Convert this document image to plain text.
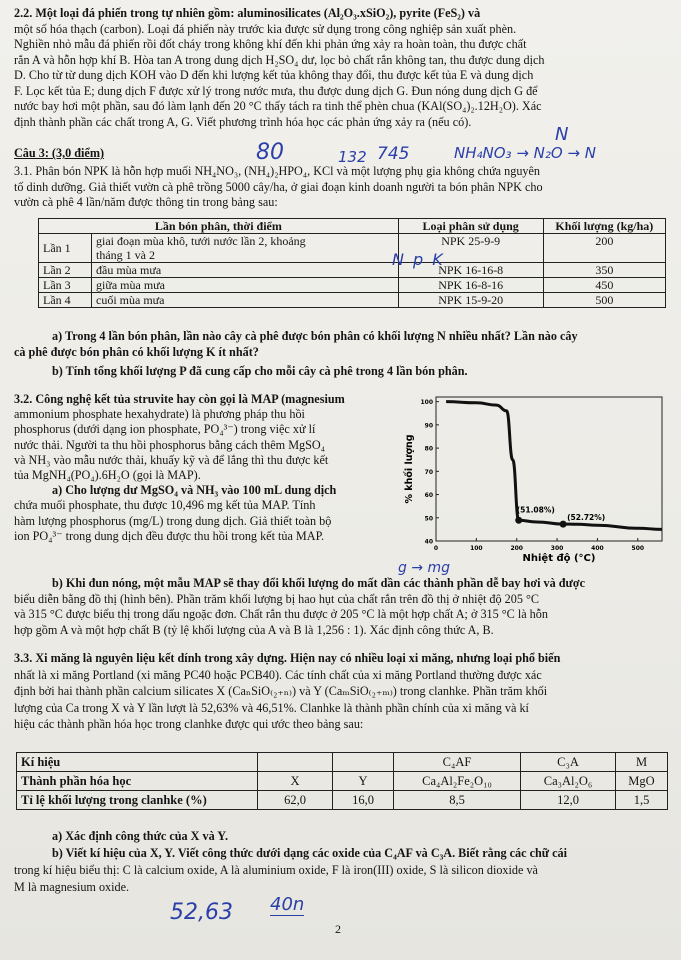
2.2. Một loại đá phiến trong tự nhiên gồm: aluminosilicates (Al₂O₃.xSiO₂), pyrite (FeS₂) và
một số hóa thạch (carbon). Loại đá phiến này trước kia được sử dụng trong công nghiệp sản xuất phèn.
Nghiền nhỏ mẫu đá phiến rồi đốt cháy trong không khí đến khi phản ứng xảy ra hoàn toàn, thu được chất
rắn A và hỗn hợp khí B. Hòa tan A trong dung dịch H₂SO₄ dư, lọc bỏ chất rắn không tan, thu được dung dịch
D. Cho từ từ dung dịch KOH vào D đến khi lượng kết tủa không thay đổi, thu được kết tủa E và dung dịch
F. Lọc kết tủa E; dung dịch F được xử lý trong nước mưa, thu được dung dịch G. Đun nóng dung dịch G để
nước bay hơi một phần, sau đó làm lạnh đến 20 °C thấy tách ra tinh thể phèn chua (KAl(SO₄)₂.12H₂O). Xác
định thành phần các chất trong A, G. Viết phương trình hóa học các phản ứng xảy ra (nếu có).
Câu 3: (3,0 điểm)
3.1. Phân bón NPK là hỗn hợp muối NH₄NO₃, (NH₄)₂HPO₄, KCl và một lượng phụ gia không chứa nguyên
tố dinh dưỡng. Giả thiết vườn cà phê trồng 5000 cây/ha, ở giai đoạn kinh doanh người ta bón phân NPK cho
vườn cà phê 4 lần/năm được thông tin trong bảng sau:
Lần bón phân, thời điểm		Loại phân sử dụng	Khối lượng (kg/ha)
Lần 1	giai đoạn mùa khô, tưới nước lần 2, khoảng
tháng 1 và 2	NPK 25-9-9	200
Lần 2	đầu mùa mưa	NPK 16-16-8	350
Lần 3	giữa mùa mưa	NPK 16-8-16	450
Lần 4	cuối mùa mưa	NPK 15-9-20	500
a) Trong 4 lần bón phân, lần nào cây cà phê được bón phân có khối lượng N nhiều nhất? Lần nào cây
cà phê được bón phân có khối lượng K ít nhất?
b) Tính tổng khối lượng P đã cung cấp cho mỗi cây cà phê trong 4 lần bón phân.
3.2. Công nghệ kết tủa struvite hay còn gọi là MAP (magnesium
ammonium phosphate hexahydrate) là phương pháp thu hồi
phosphorus (dưới dạng ion phosphate, PO₄³⁻) trong việc xử lí
nước thải. Người ta thu hồi phosphorus bằng cách thêm MgSO₄
và NH₃ vào mẫu nước thải, khuấy kỹ và để lắng thì thu được kết
tủa MgNH₄(PO₄).6H₂O (gọi là MAP).
a) Cho lượng dư MgSO₄ và NH₃ vào 100 mL dung dịch
chứa muối phosphate, thu được 10,496 mg kết tủa MAP. Tính
hàm lượng phosphorus (mg/L) trong dung dịch. Giả thiết toàn bộ
ion PO₄³⁻ trong dung dịch đều được thu hồi trong kết tủa MAP.
100
90
80
70
60
50
40
0	100	200	300	400	500
Nhiệt độ (°C)
% khối lượng
(51.08%)
(52.72%)
b) Khi đun nóng, một mẫu MAP sẽ thay đổi khối lượng do mất dần các thành phần dễ bay hơi và được
biểu diễn bằng đồ thị (hình bên). Phần trăm khối lượng bị hao hụt của chất rắn trên đồ thị ở nhiệt độ 205 °C
và 315 °C được biểu thị trong dấu ngoặc đơn. Chất rắn thu được ở 205 °C là một hợp chất A; ở 315 °C là hỗn
hợp gồm A và một hợp chất B (tỷ lệ khối lượng của A và B là 1,256 : 1). Xác định công thức A, B.
3.3. Xi măng là nguyên liệu kết dính trong xây dựng. Hiện nay có nhiều loại xi măng, nhưng loại phổ biến
nhất là xi măng Portland (xi măng PC40 hoặc PCB40). Các tính chất của xi măng Portland thường được xác
định bởi hai thành phần calcium silicates X (CaₙSiO₍₂₊ₙ₎) và Y (CaₘSiO₍₂₊ₘ₎) trong clanhke. Phần trăm khối
lượng của Ca trong X và Y lần lượt là 52,63% và 46,51%. Clanhke là thành phần chính của xi măng và kí
hiệu các thành phần hóa học trong clanhke được qui ước theo bảng sau:
Kí hiệu			C₄AF	C₃A	M
Thành phần hóa học	X	Y	Ca₄Al₂Fe₂O₁₀	Ca₃Al₂O₆	MgO
Tỉ lệ khối lượng trong clanhke (%)	62,0	16,0	8,5	12,0	1,5
a) Xác định công thức của X và Y.
b) Viết kí hiệu của X, Y. Viết công thức dưới dạng các oxide của C₄AF và C₃A. Biết rằng các chữ cái
trong kí hiệu biểu thị: C là calcium oxide, A là aluminium oxide, F là iron(III) oxide, S là silicon dioxide và
M là magnesium oxide.
2
N
80	132 745	NH₄NO₃ → N₂O → N
N p K
g → mg
52,63 40n
